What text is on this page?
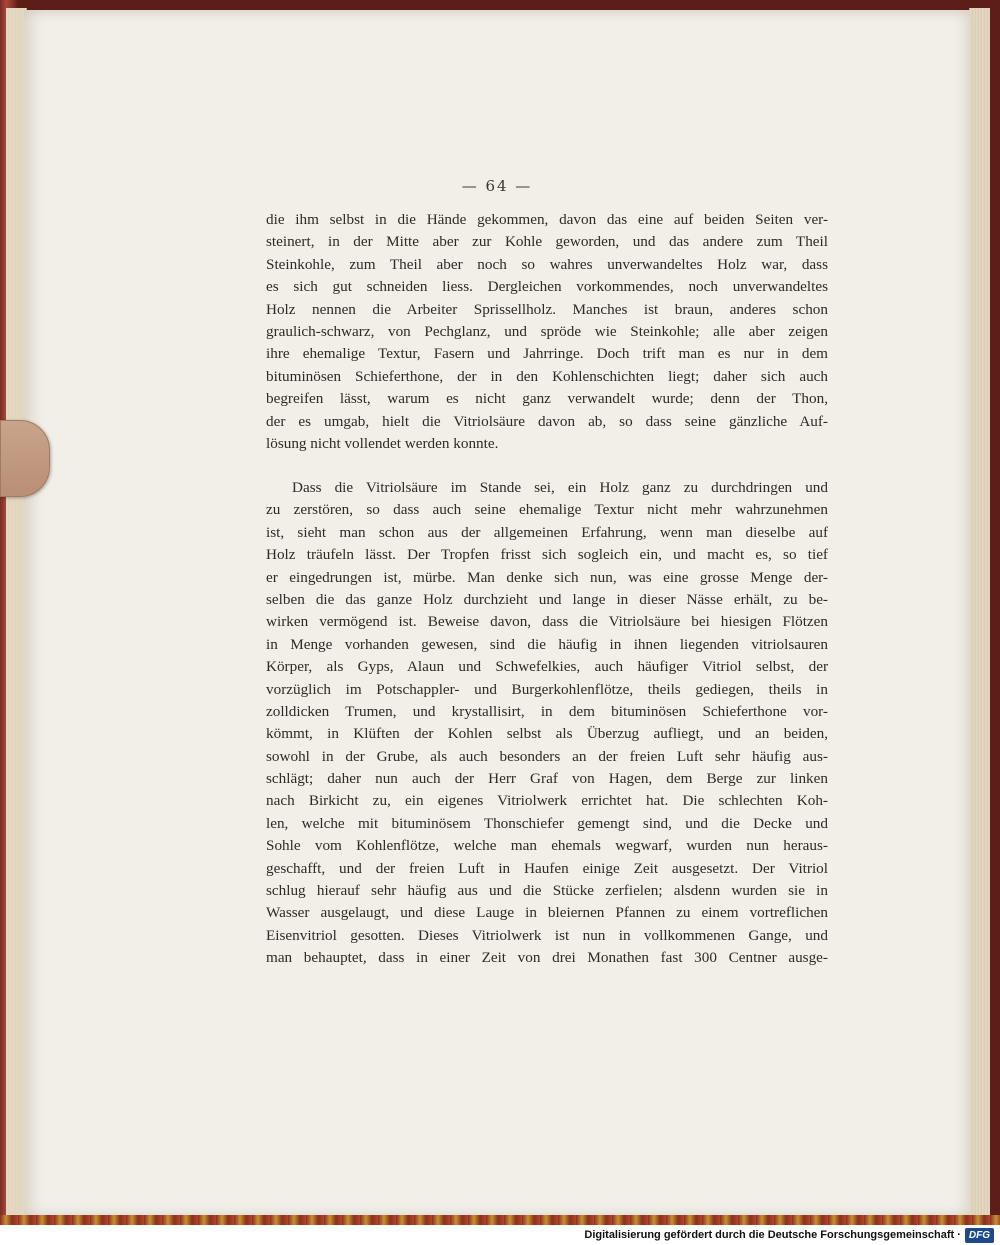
— 64 —
die ihm selbst in die Hände gekommen, davon das eine auf beiden Seiten ver-
steinert, in der Mitte aber zur Kohle geworden, und das andere zum Theil
Steinkohle, zum Theil aber noch so wahres unverwandeltes Holz war, dass
es sich gut schneiden liess. Dergleichen vorkommendes, noch unverwandeltes
Holz nennen die Arbeiter Sprissellholz. Manches ist braun, anderes schon
graulich-schwarz, von Pechglanz, und spröde wie Steinkohle; alle aber zeigen
ihre ehemalige Textur, Fasern und Jahrringe. Doch trift man es nur in dem
bituminösen Schieferthone, der in den Kohlenschichten liegt; daher sich auch
begreifen lässt, warum es nicht ganz verwandelt wurde; denn der Thon,
der es umgab, hielt die Vitriolsäure davon ab, so dass seine gänzliche Auf-
lösung nicht vollendet werden konnte.
Dass die Vitriolsäure im Stande sei, ein Holz ganz zu durchdringen und
zu zerstören, so dass auch seine ehemalige Textur nicht mehr wahrzunehmen
ist, sieht man schon aus der allgemeinen Erfahrung, wenn man dieselbe auf
Holz träufeln lässt. Der Tropfen frisst sich sogleich ein, und macht es, so tief
er eingedrungen ist, mürbe. Man denke sich nun, was eine grosse Menge der-
selben die das ganze Holz durchzieht und lange in dieser Nässe erhält, zu be-
wirken vermögend ist. Beweise davon, dass die Vitriolsäure bei hiesigen Flötzen
in Menge vorhanden gewesen, sind die häufig in ihnen liegenden vitriolsauren
Körper, als Gyps, Alaun und Schwefelkies, auch häufiger Vitriol selbst, der
vorzüglich im Potschappler- und Burgerkohlenflötze, theils gediegen, theils in
zolldicken Trumen, und krystallisirt, in dem bituminösen Schieferthone vor-
kömmt, in Klüften der Kohlen selbst als Überzug aufliegt, und an beiden,
sowohl in der Grube, als auch besonders an der freien Luft sehr häufig aus-
schlägt; daher nun auch der Herr Graf von Hagen, dem Berge zur linken
nach Birkicht zu, ein eigenes Vitriolwerk errichtet hat. Die schlechten Koh-
len, welche mit bituminösem Thonschiefer gemengt sind, und die Decke und
Sohle vom Kohlenflötze, welche man ehemals wegwarf, wurden nun heraus-
geschafft, und der freien Luft in Haufen einige Zeit ausgesetzt. Der Vitriol
schlug hierauf sehr häufig aus und die Stücke zerfielen; alsdenn wurden sie in
Wasser ausgelaugt, und diese Lauge in bleiernen Pfannen zu einem vortreflichen
Eisenvitriol gesotten. Dieses Vitriolwerk ist nun in vollkommenen Gange, und
man behauptet, dass in einer Zeit von drei Monathen fast 300 Centner ausge-
Digitalisierung gefördert durch die Deutsche Forschungsgemeinschaft · DFG
